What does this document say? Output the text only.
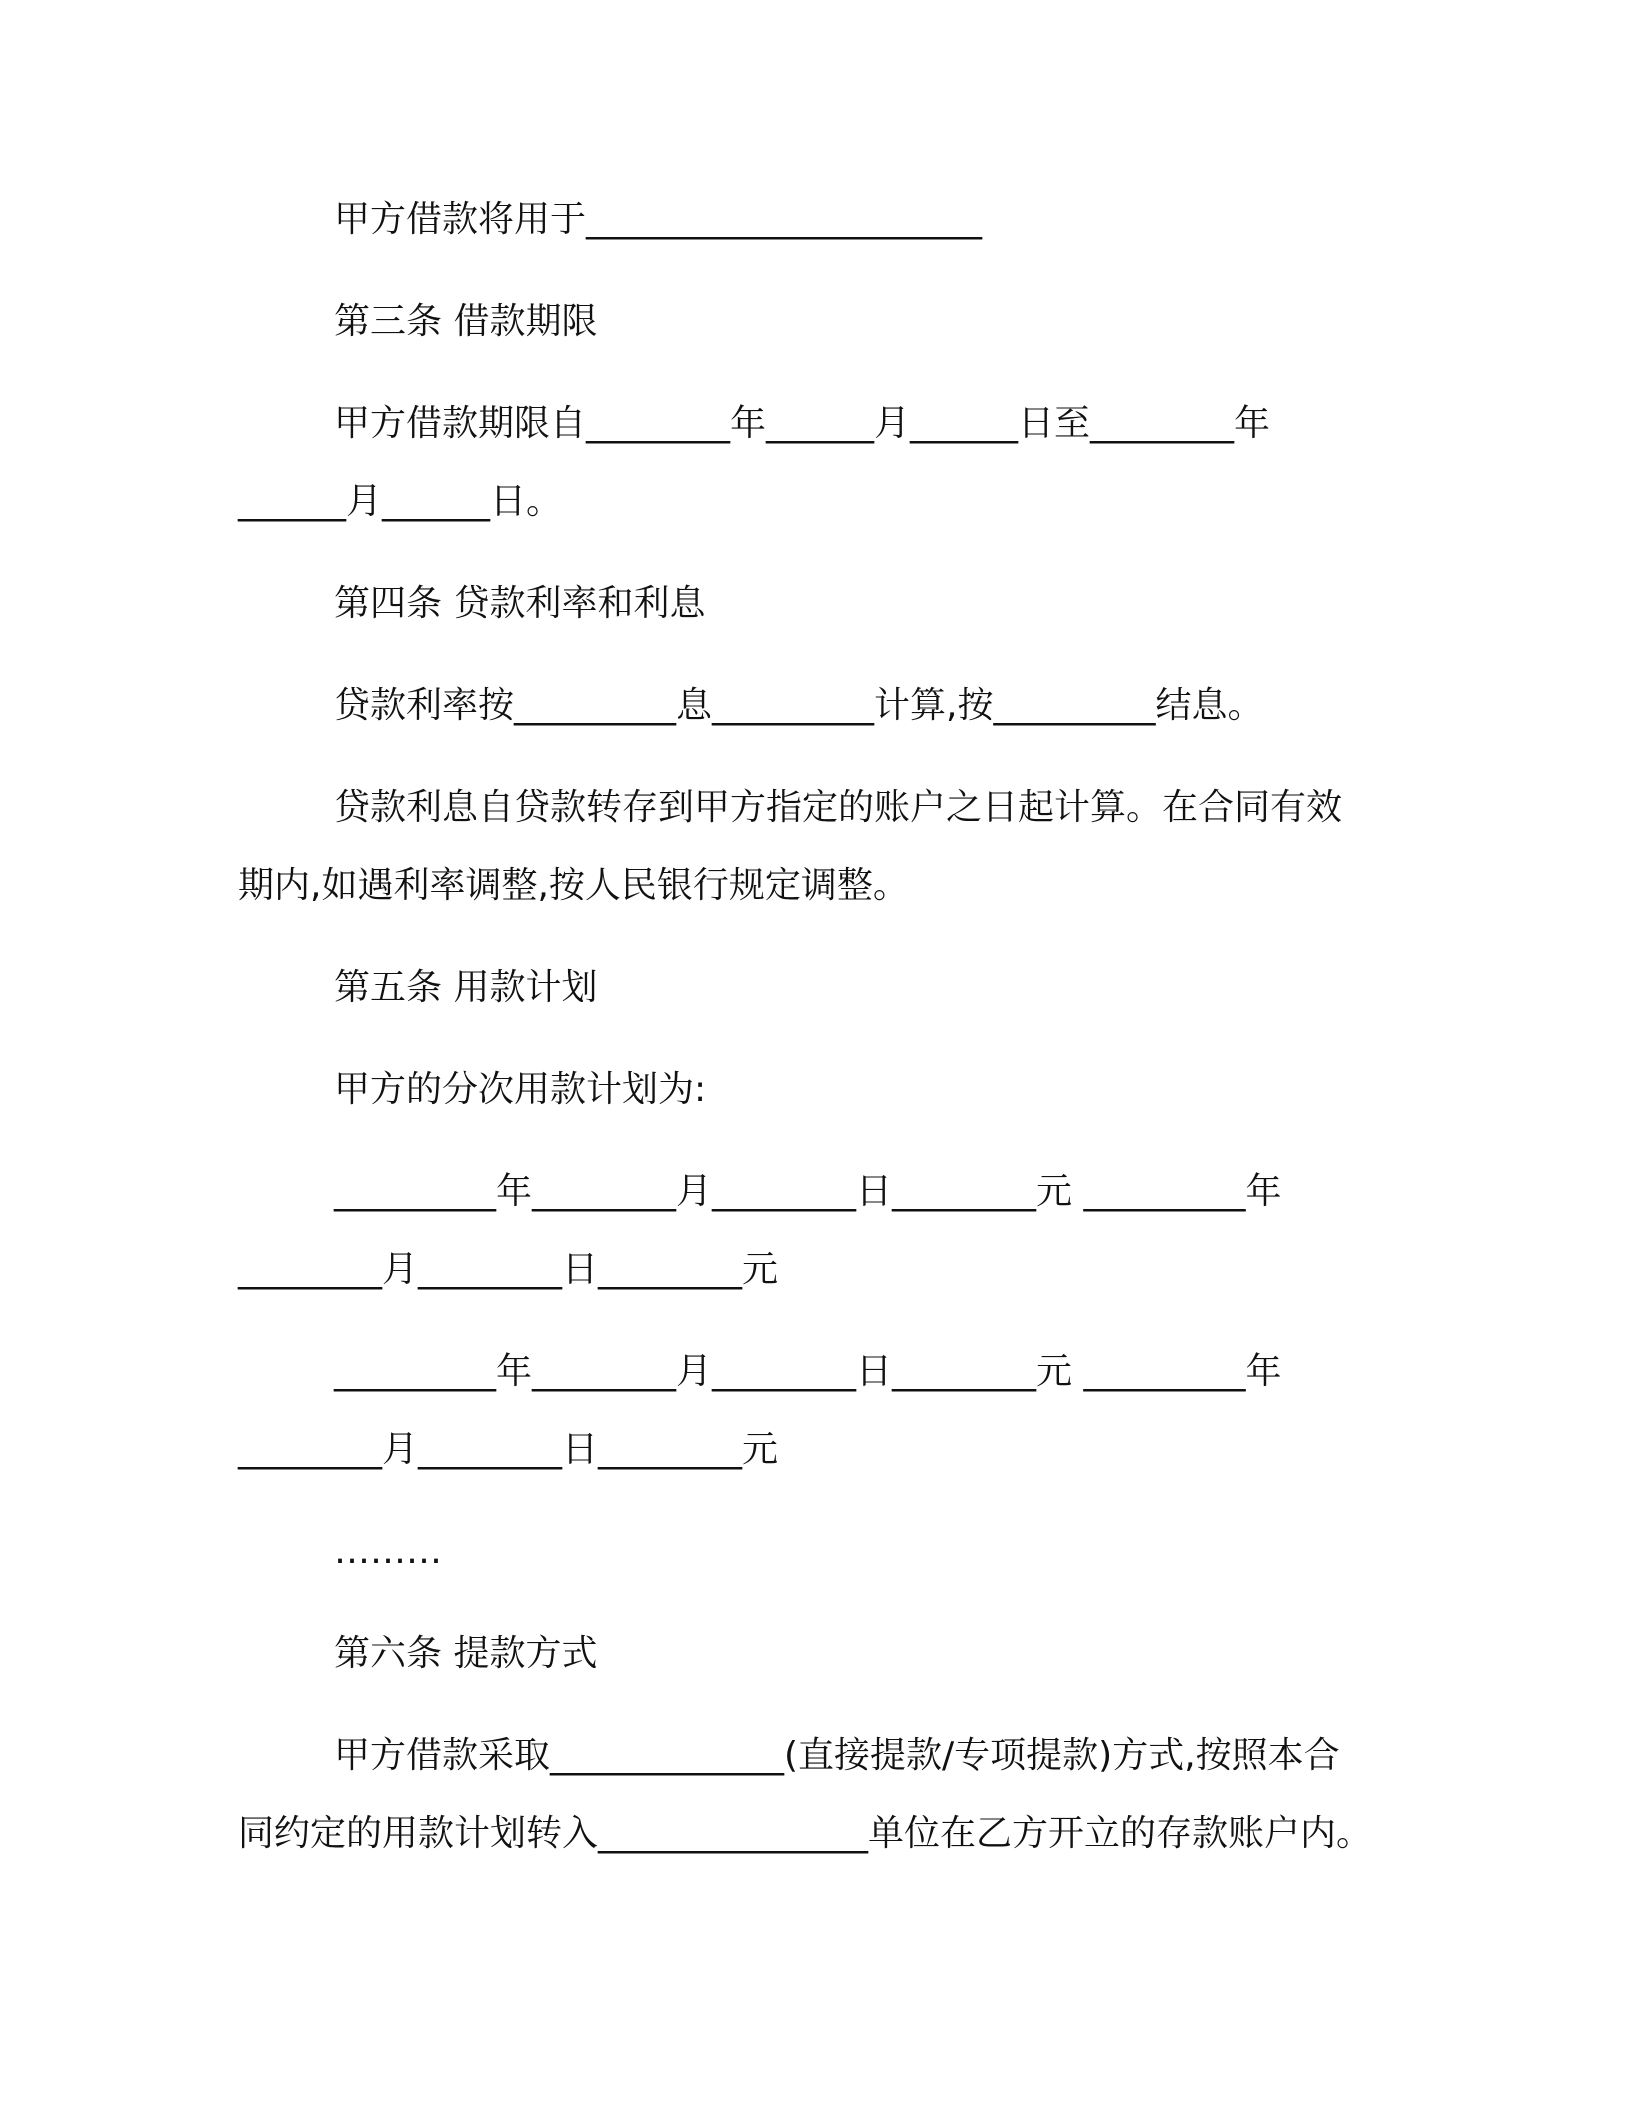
甲方借款将用于______________________
第三条 借款期限
甲方借款期限自________年______月______日至________年
______月______日。
第四条 贷款利率和利息
贷款利率按_________息_________计算,按_________结息。
贷款利息自贷款转存到甲方指定的账户之日起计算。在合同有效
期内,如遇利率调整,按人民银行规定调整。
第五条 用款计划
甲方的分次用款计划为:
_________年________月________日________元 _________年
________月________日________元
_________年________月________日________元 _________年
________月________日________元
………
第六条 提款方式
甲方借款采取_____________(直接提款/专项提款)方式,按照本合
同约定的用款计划转入_______________单位在乙方开立的存款账户内。
